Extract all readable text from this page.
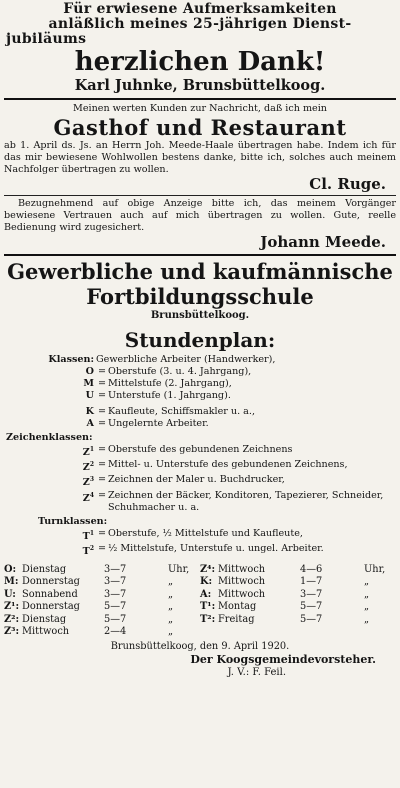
Für erwiesene Aufmerksamkeiten
anläßlich meines 25-jährigen Dienst-
jubiläums
herzlichen Dank!
Karl Juhnke, Brunsbüttelkoog.
Meinen werten Kunden zur Nachricht, daß ich mein
Gasthof und Restaurant
ab 1. April ds. Js. an Herrn Joh. Meede-Haale übertragen habe. Indem ich für das mir bewiesene Wohlwollen bestens danke, bitte ich, solches auch meinem Nachfolger übertragen zu wollen.
Cl. Ruge.
Bezugnehmend auf obige Anzeige bitte ich, das meinem Vorgänger bewiesene Vertrauen auch auf mich übertragen zu wollen. Gute, reelle Bedienung wird zugesichert.
Johann Meede.
Gewerbliche und kaufmännische
Fortbildungsschule
Brunsbüttelkoog.
Stundenplan:
Klassen: Gewerbliche Arbeiter (Handwerker),
O = Oberstufe (3. u. 4. Jahrgang),
M = Mittelstufe (2. Jahrgang),
U = Unterstufe (1. Jahrgang).
K = Kaufleute, Schiffsmakler u. a.,
A = Ungelernte Arbeiter.
Zeichenklassen:
$Z^1$ = Oberstufe des gebundenen Zeichnens
$Z^2$ = Mittel- u. Unterstufe des gebundenen Zeichnens,
$Z^3$ = Zeichnen der Maler u. Buchdrucker,
$Z^4$ = Zeichnen der Bäcker, Konditoren, Tapezierer, Schneider, Schuhmacher u. a.
Turnklassen:
$T^1$ = Oberstufe, ½ Mittelstufe und Kaufleute,
$T^2$ = ½ Mittelstufe, Unterstufe u. ungel. Arbeiter.
O: Dienstag	3—7	Uhr,
M: Donnerstag	3—7	„
U: Sonnabend	3—7	„
Z¹: Donnerstag	5—7	„
Z²: Dienstag	5—7	„
Z³: Mittwoch	2—4	„
Z⁴: Mittwoch	4—6	Uhr,
K: Mittwoch	1—7	„
A: Mittwoch	3—7	„
T¹: Montag	5—7	„
T²: Freitag	5—7	„
Brunsbüttelkoog, den 9. April 1920.
Der Koogsgemeindevorsteher.
J. V.: F. Feil.
